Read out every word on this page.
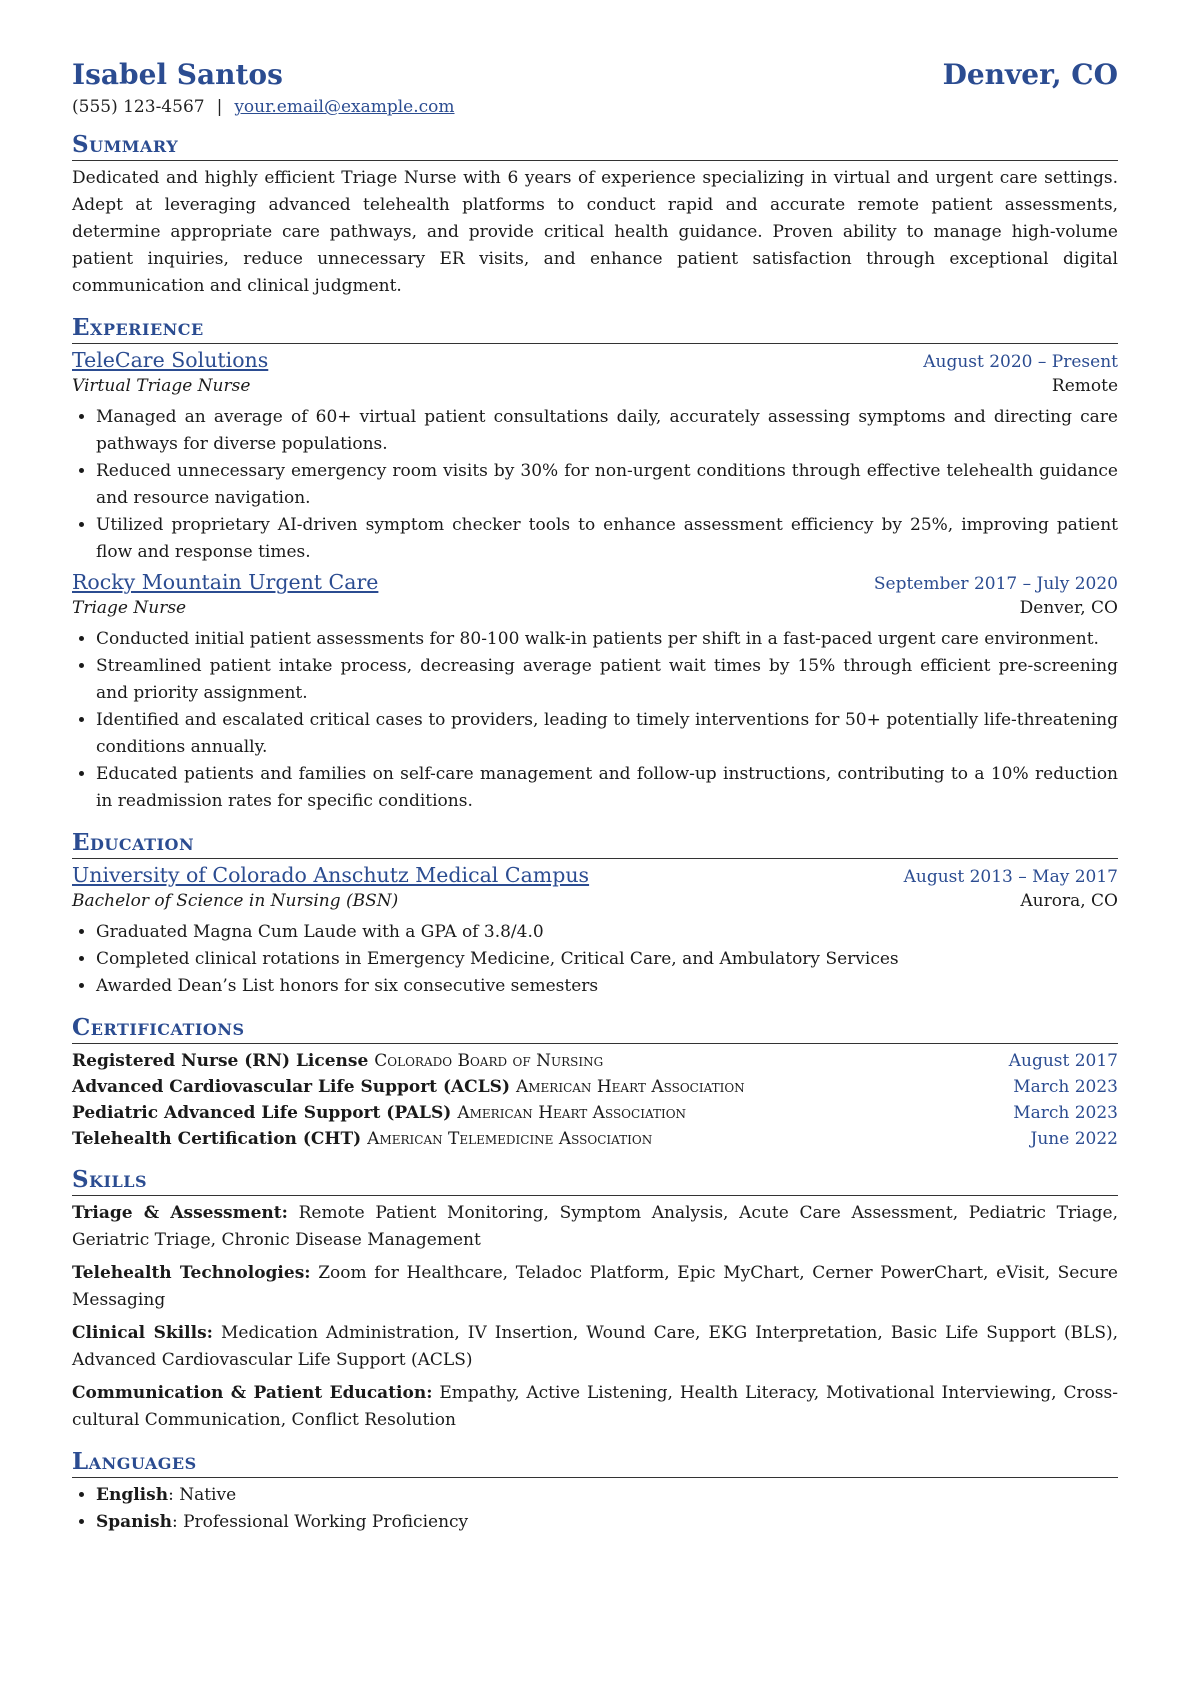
Isabel Santos	Denver, CO
(555) 123-4567 | your.email@example.com
Summary
Dedicated and highly efficient Triage Nurse with 6 years of experience specializing in virtual and urgent care settings. Adept at leveraging advanced telehealth platforms to conduct rapid and accurate remote patient assessments, determine appropriate care pathways, and provide critical health guidance. Proven ability to manage high-volume patient inquiries, reduce unnecessary ER visits, and enhance patient satisfaction through exceptional digital communication and clinical judgment.
Experience
TeleCare Solutions	August 2020 – Present
Virtual Triage Nurse	Remote
• Managed an average of 60+ virtual patient consultations daily, accurately assessing symptoms and directing care pathways for diverse populations.
• Reduced unnecessary emergency room visits by 30% for non-urgent conditions through effective telehealth guidance and resource navigation.
• Utilized proprietary AI-driven symptom checker tools to enhance assessment efficiency by 25%, improving patient flow and response times.
Rocky Mountain Urgent Care	September 2017 – July 2020
Triage Nurse	Denver, CO
• Conducted initial patient assessments for 80-100 walk-in patients per shift in a fast-paced urgent care environment.
• Streamlined patient intake process, decreasing average patient wait times by 15% through efficient pre-screening and priority assignment.
• Identified and escalated critical cases to providers, leading to timely interventions for 50+ potentially life-threatening conditions annually.
• Educated patients and families on self-care management and follow-up instructions, contributing to a 10% reduction in readmission rates for specific conditions.
Education
University of Colorado Anschutz Medical Campus	August 2013 – May 2017
Bachelor of Science in Nursing (BSN)	Aurora, CO
• Graduated Magna Cum Laude with a GPA of 3.8/4.0
• Completed clinical rotations in Emergency Medicine, Critical Care, and Ambulatory Services
• Awarded Dean’s List honors for six consecutive semesters
Certifications
Registered Nurse (RN) License Colorado Board of Nursing	August 2017
Advanced Cardiovascular Life Support (ACLS) American Heart Association	March 2023
Pediatric Advanced Life Support (PALS) American Heart Association	March 2023
Telehealth Certification (CHT) American Telemedicine Association	June 2022
Skills
Triage & Assessment: Remote Patient Monitoring, Symptom Analysis, Acute Care Assessment, Pediatric Triage, Geriatric Triage, Chronic Disease Management
Telehealth Technologies: Zoom for Healthcare, Teladoc Platform, Epic MyChart, Cerner PowerChart, eVisit, Secure Messaging
Clinical Skills: Medication Administration, IV Insertion, Wound Care, EKG Interpretation, Basic Life Support (BLS), Advanced Cardiovascular Life Support (ACLS)
Communication & Patient Education: Empathy, Active Listening, Health Literacy, Motivational Interviewing, Cross-cultural Communication, Conflict Resolution
Languages
• English: Native
• Spanish: Professional Working Proficiency
